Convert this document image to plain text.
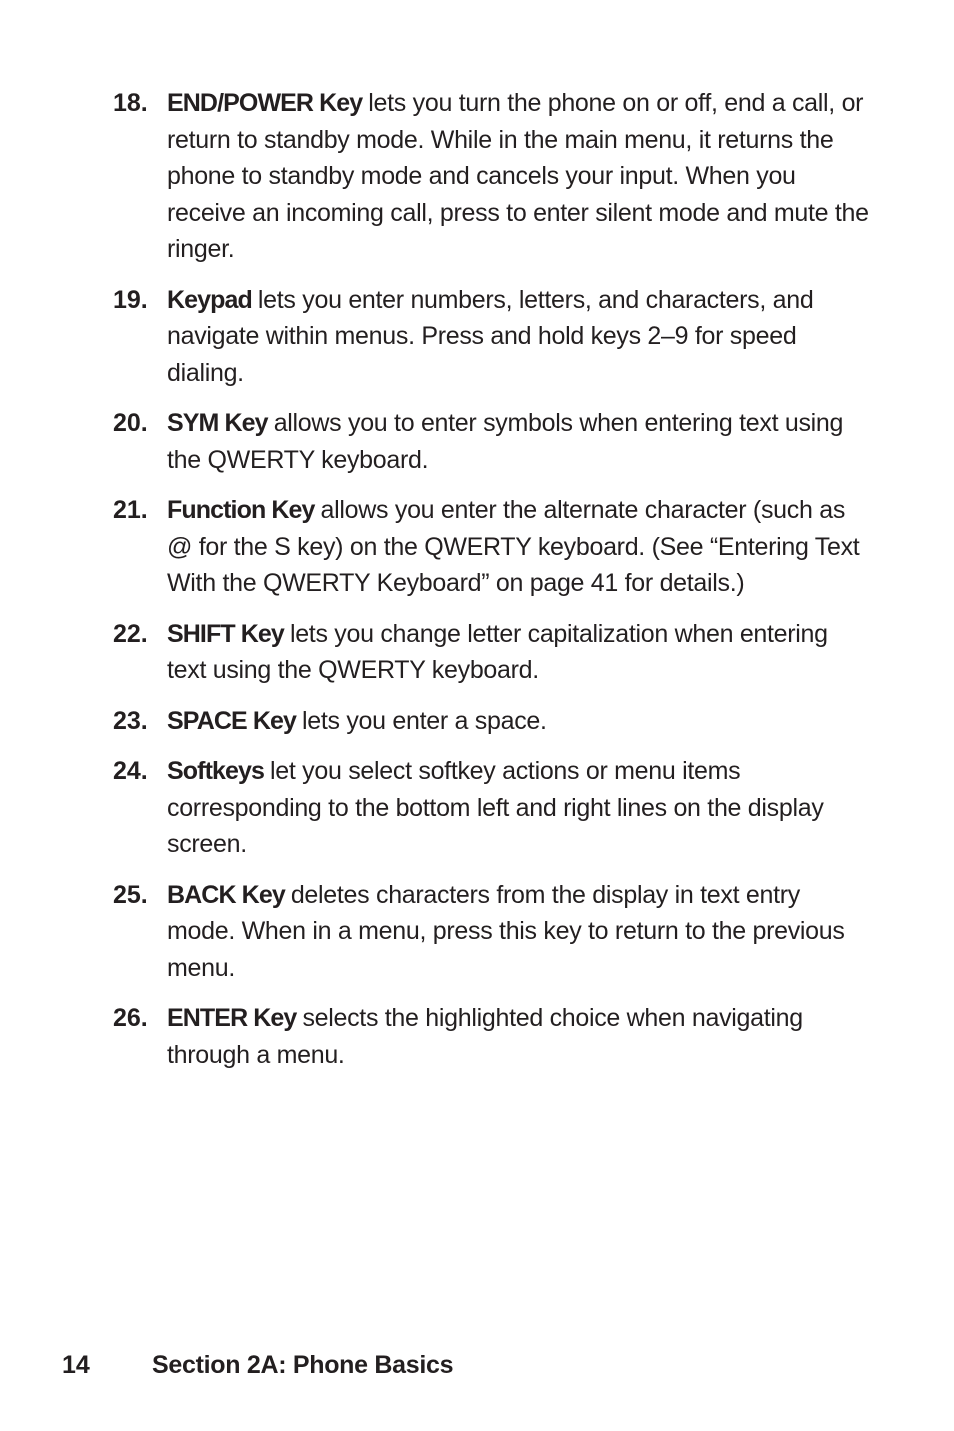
18. END/POWER Key lets you turn the phone on or off, end a call, or return to standby mode. While in the main menu, it returns the phone to standby mode and cancels your input. When you receive an incoming call, press to enter silent mode and mute the ringer.
19. Keypad lets you enter numbers, letters, and characters, and navigate within menus. Press and hold keys 2–9 for speed dialing.
20. SYM Key allows you to enter symbols when entering text using the QWERTY keyboard.
21. Function Key allows you enter the alternate character (such as @ for the S key) on the QWERTY keyboard. (See “Entering Text With the QWERTY Keyboard” on page 41 for details.)
22. SHIFT Key lets you change letter capitalization when entering text using the QWERTY keyboard.
23. SPACE Key lets you enter a space.
24. Softkeys let you select softkey actions or menu items corresponding to the bottom left and right lines on the display screen.
25. BACK Key deletes characters from the display in text entry mode. When in a menu, press this key to return to the previous menu.
26. ENTER Key selects the highlighted choice when navigating through a menu.
14 Section 2A: Phone Basics
